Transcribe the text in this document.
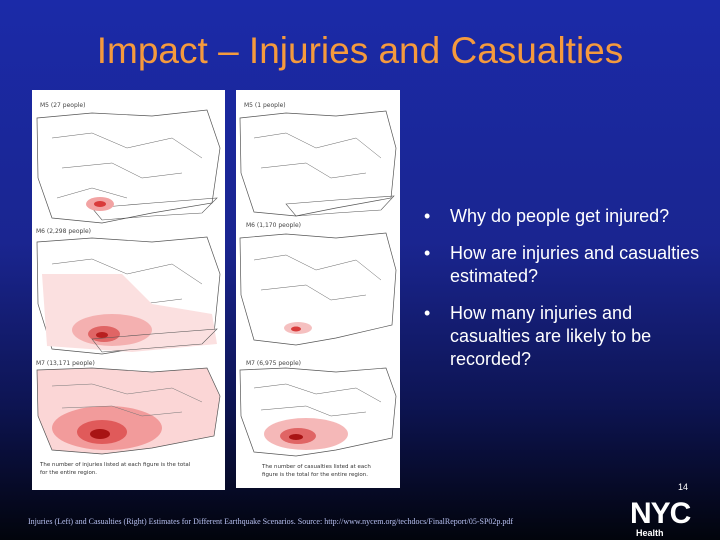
Impact – Injuries and Casualties
M5 (27 people)
M6 (2,298 people)
M7 (13,171 people)
The number of injuries listed at each figure is the total
for the entire region.
M5 (1 people)
M6 (1,170 people)
M7 (6,975 people)
The number of casualties listed at each
figure is the total for the entire region.
• Why do people get injured?
• How are injuries and casualties estimated?
• How many injuries and casualties are likely to be recorded?
14
Injuries (Left) and Casualties (Right) Estimates for Different Earthquake Scenarios. Source: http://www.nycem.org/techdocs/FinalReport/05-SP02p.pdf	NYC
Health
